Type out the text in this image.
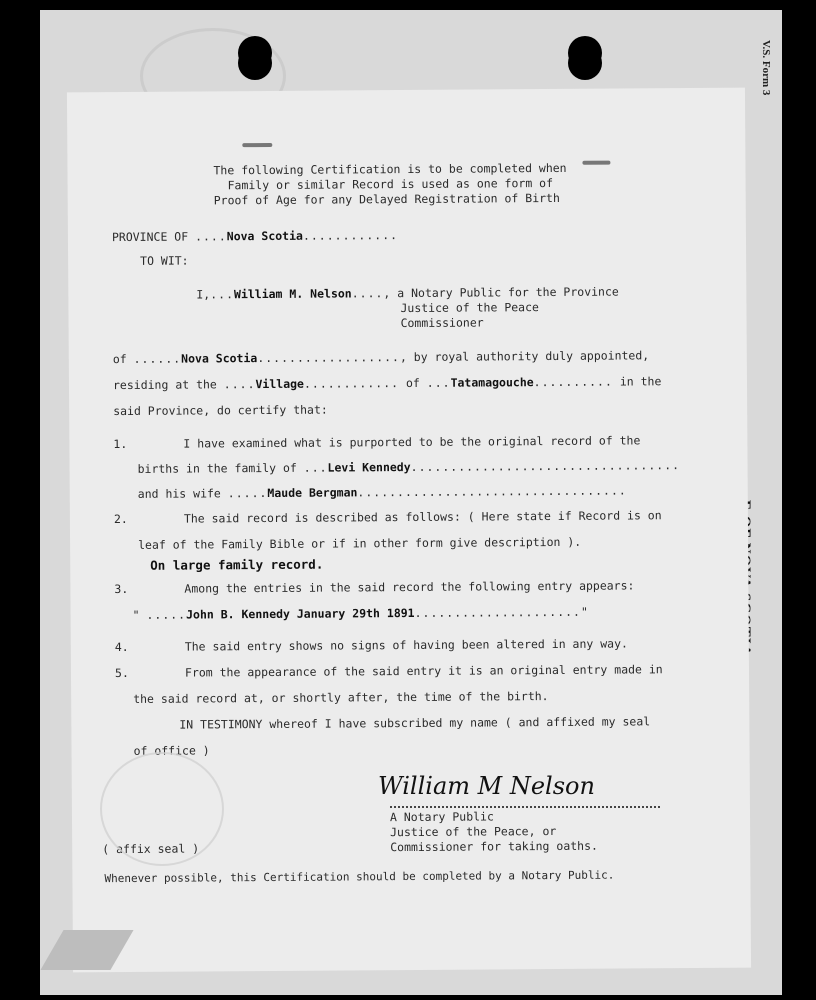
V.S. Form 3
The following Certification is to be completed when
Family or similar Record is used as one form of
Proof of Age for any Delayed Registration of Birth
PROVINCE OF ....Nova Scotia............
TO WIT:
I,...William M. Nelson...., a Notary Public for the Province
Justice of the Peace
Commissioner
of ......Nova Scotia.................., by royal authority duly appointed,
residing at the ....Village............ of ...Tatamagouche.......... in the
said Province, do certify that:
1.	I have examined what is purported to be the original record of the
births in the family of ...Levi Kennedy..................................
and his wife .....Maude Bergman..................................
2.	The said record is described as follows: ( Here state if Record is on
leaf of the Family Bible or if in other form give description ).
On large family record.
3.	Among the entries in the said record the following entry appears:
" .....John B. Kennedy January 29th 1891....................."
4.	The said entry shows no signs of having been altered in any way.
5.	From the appearance of the said entry it is an original entry made in
the said record at, or shortly after, the time of the birth.
IN TESTIMONY whereof I have subscribed my name ( and affixed my seal
of office )
A Notary Public
Justice of the Peace, or
Commissioner for taking oaths.
( affix seal )
Whenever possible, this Certification should be completed by a Notary Public.
William M Nelson
